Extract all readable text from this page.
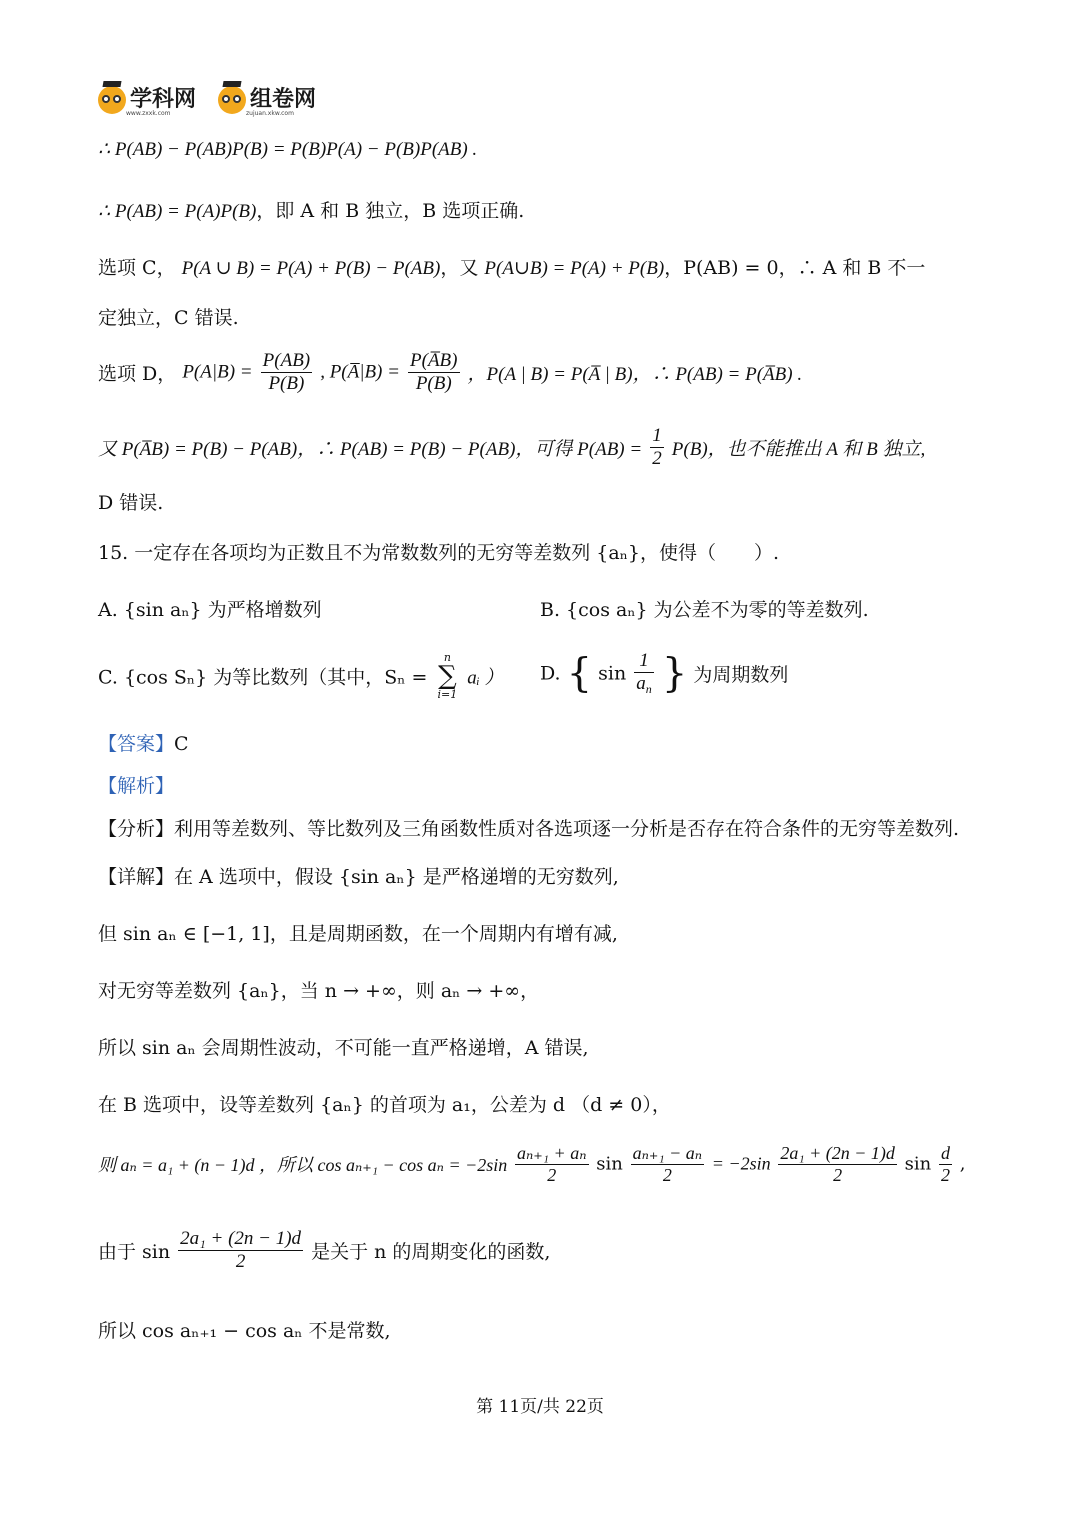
学科网
www.zxxk.com
组卷网
zujuan.xkw.com
∴ P(AB) − P(AB)P(B) = P(B)P(A) − P(B)P(AB) .
∴ P(AB) = P(A)P(B)，即 A 和 B 独立，B 选项正确.
选项 C， P(A ∪ B) = P(A) + P(B) − P(AB)，又 P(A∪B) = P(A) + P(B)，P(AB) = 0，∴ A 和 B 不一
定独立，C 错误.
选项 D， $P(A|B) = \frac{P(AB)}{P(B)}$ , P(A̅|B) = $\frac{P(A̅B)}{P(B)}$ ，P(A | B) = P(A̅ | B)，∴ P(AB) = P(A̅B) .
又 P(A̅B) = P(B) − P(AB)，∴ P(AB) = P(B) − P(AB)，可得 $P(AB) = \frac{1}{2} P(B)$，也不能推出 A 和 B 独立,
D 错误.
15. 一定存在各项均为正数且不为常数数列的无穷等差数列 {aₙ}，使得（　　）.
A. {sin aₙ} 为严格增数列	B. {cos aₙ} 为公差不为零的等差数列.
C. {cos Sₙ} 为等比数列（其中，Sₙ =
n
∑
i=1
aᵢ ） D. { $\sin \frac{1}{a_n}$ } 为周期数列
【答案】C
【解析】
【分析】利用等差数列、等比数列及三角函数性质对各选项逐一分析是否存在符合条件的无穷等差数列.
【详解】在 A 选项中，假设 {sin aₙ} 是严格递增的无穷数列,
但 sin aₙ ∈ [−1, 1]，且是周期函数，在一个周期内有增有减,
对无穷等差数列 {aₙ}，当 n → +∞，则 aₙ → +∞，
所以 sin aₙ 会周期性波动，不可能一直严格递增，A 错误,
在 B 选项中，设等差数列 {aₙ} 的首项为 a₁，公差为 d （d ≠ 0），
则 aₙ = a₁ + (n − 1)d ，所以 $\cos a_{n+1} - \cos a_n = -2\sin \frac{\text{aₙ₊₁ + aₙ}}{2}$ $\sin \frac{\text{aₙ₊₁ − aₙ}}{2} = -2\sin \frac{\text{2a₁ + (2n − 1)d}}{2}$ $\sin \frac{d}{2}$ ,
由于 $\sin \frac{\text{2a₁ + (2n − 1)d}}{2}$ 是关于 n 的周期变化的函数,
所以 cos aₙ₊₁ − cos aₙ 不是常数,
第 11页/共 22页
